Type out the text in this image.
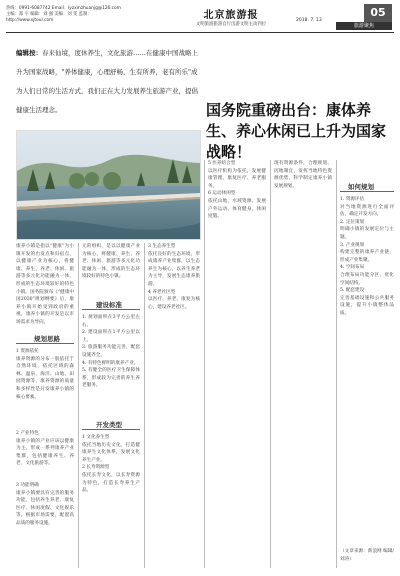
热线：0991-6087742 Email：lyzxmzhuanjg@126.com
主编：郑 宇 编辑：刘 强 美编：刘 雯 监制：http://www.xjtour.com	北京旅游报
文明旅游旅游自行出游文明主动到位
2018. 7. 13
05
旅游聚焦
编辑按：春来仙境，度休养生，文化旅游……在健康中国战略上升为国家战略，"养体健康，心理舒畅，生有所养，老有所乐"成为人们日常的生活方式，我们正在大力发展养生旅游产业，提倡健康生活理念。	国务院重磅出台：康体养生、养心休闲已上升为国家战略！
康养小镇是指以"健康"为小镇开发的出发点和归宿点，以健康产业为核心，将健康、养生、养老、休闲、旅游等多元化功能融为一体，形成的生态环境较好的特色小镇。国务院颁布《"健康中国2030"规划纲要》后，康养小镇开始受到政府的重视，康养小镇的开发是以市场需求为导向。
规划思路
1 资源依托
康养资源的分布一般依托于自然环境，依托区域的森林、温泉、海洋、山地、田园资源等，康养资源的质量和多样性是开发康养小镇的核心要素。
2 产业特色
康养小镇的产业应该以健康为主，形成一系列康养产业集群，包括健康养生、养老、文化旅游等。
3 功能明确
康养小镇要具有完善的服务功能，包括养生养老、康复医疗、休闲度假、文化娱乐等。根据市场需要，配置高品质的服务设施。
元的组织，是以以健康产业为核心，将健康、养生、养老、休闲、旅游等多元化功能融为一体，形成的生态环境较好的特色小镇。
建设标准
1. 规划面积在3平方公里左右。
2. 建设面积在1平方公里以上。
3. 旅游服务功能完善，配套设施齐全。
4. 有特色鲜明的康养产业。
5. 有健全的医疗卫生保障体系，形成较为完善的养生养老服务。
开发类型
1 文化养生型
依托当地历史文化，打造健康养生文化体系，发展文化养生产业。
2 长寿资源型
依托长寿文化，以长寿资源为特色，打造长寿养生产品。
3 生态养生型
依托良好的生态环境，形成康养产业集群，以生态养生为核心，以养生养老为主导，发展生态康养旅游。
4 养老社区型
以医疗、养老、康复为核心，建设养老社区。
5 医养结合型
以医疗机构为依托，发展健康管理、康复医疗、养老服务。
6 运动休闲型
依托山地、水域资源，发展户外运动、体育健身、休闲度假。
现有资源条件，合理规划，因地制宜，发挥当地特色资源优势，科学制定康养小镇发展规划。	如何规划
1. 资源评估
对当地资源进行全面评估，确定开发方向。
2. 定位策划
明确小镇的发展定位与主题。
3. 产业规划
构建完整的康养产业链，形成产业集聚。
4. 空间布局
合理布局功能分区，优化空间结构。
5. 配套建设
完善基础设施和公共服务设施，提升小镇整体品质。
（文章来源：新浪网 编辑/刘涛）
